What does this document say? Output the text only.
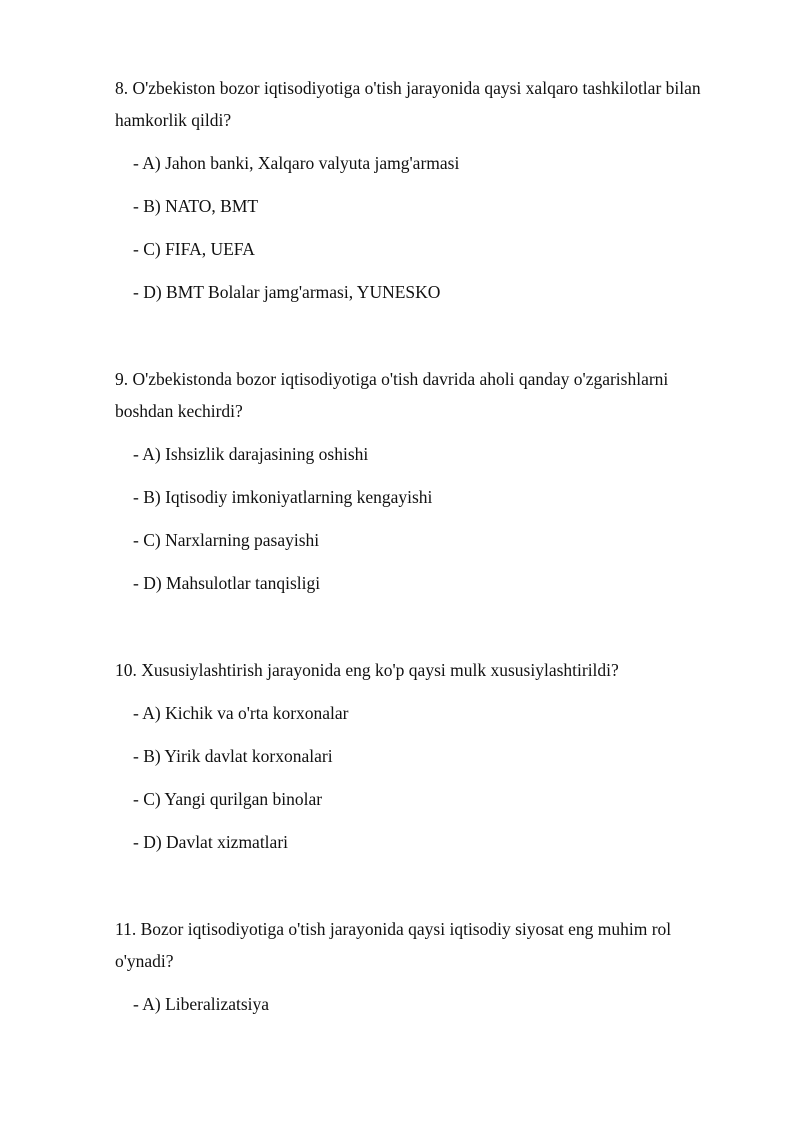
8. O'zbekiston bozor iqtisodiyotiga o'tish jarayonida qaysi xalqaro tashkilotlar bilan hamkorlik qildi?

- A) Jahon banki, Xalqaro valyuta jamg'armasi
- B) NATO, BMT
- C) FIFA, UEFA
- D) BMT Bolalar jamg'armasi, YUNESKO

9. O'zbekistonda bozor iqtisodiyotiga o'tish davrida aholi qanday o'zgarishlarni boshdan kechirdi?

- A) Ishsizlik darajasining oshishi
- B) Iqtisodiy imkoniyatlarning kengayishi
- C) Narxlarning pasayishi
- D) Mahsulotlar tanqisligi

10. Xususiylashtirish jarayonida eng ko'p qaysi mulk xususiylashtirildi?

- A) Kichik va o'rta korxonalar
- B) Yirik davlat korxonalari
- C) Yangi qurilgan binolar
- D) Davlat xizmatlari

11. Bozor iqtisodiyotiga o'tish jarayonida qaysi iqtisodiy siyosat eng muhim rol o'ynadi?

- A) Liberalizatsiya
